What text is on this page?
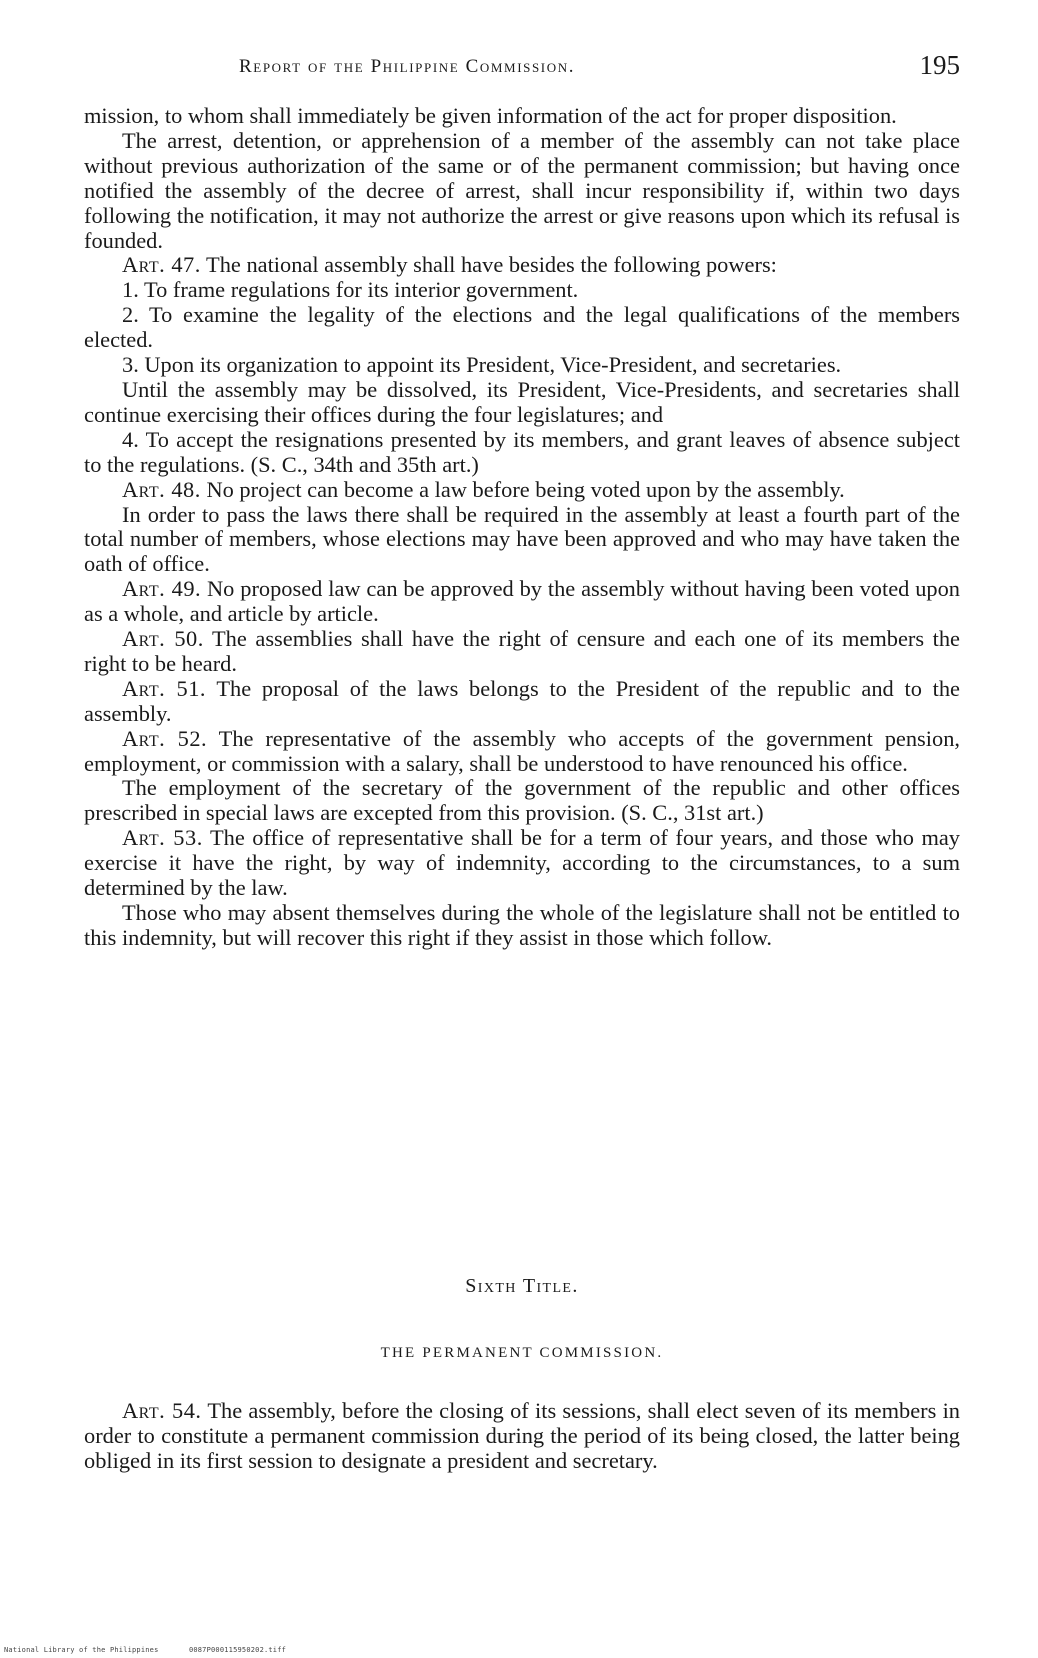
Report of the Philippine Commission.	195

mission, to whom shall immediately be given information of the act for proper disposition.

The arrest, detention, or apprehension of a member of the assembly can not take place without previous authorization of the same or of the permanent commission; but having once notified the assembly of the decree of arrest, shall incur responsibility if, within two days following the notification, it may not authorize the arrest or give reasons upon which its refusal is founded.

Art. 47. The national assembly shall have besides the following powers:

1. To frame regulations for its interior government.

2. To examine the legality of the elections and the legal qualifications of the members elected.

3. Upon its organization to appoint its President, Vice-President, and secretaries.

Until the assembly may be dissolved, its President, Vice-Presidents, and secretaries shall continue exercising their offices during the four legislatures; and

4. To accept the resignations presented by its members, and grant leaves of absence subject to the regulations. (S. C., 34th and 35th art.)

Art. 48. No project can become a law before being voted upon by the assembly.

In order to pass the laws there shall be required in the assembly at least a fourth part of the total number of members, whose elections may have been approved and who may have taken the oath of office.

Art. 49. No proposed law can be approved by the assembly without having been voted upon as a whole, and article by article.

Art. 50. The assemblies shall have the right of censure and each one of its members the right to be heard.

Art. 51. The proposal of the laws belongs to the President of the republic and to the assembly.

Art. 52. The representative of the assembly who accepts of the government pension, employment, or commission with a salary, shall be understood to have renounced his office.

The employment of the secretary of the government of the republic and other offices prescribed in special laws are excepted from this provision. (S. C., 31st art.)

Art. 53. The office of representative shall be for a term of four years, and those who may exercise it have the right, by way of indemnity, according to the circumstances, to a sum determined by the law.

Those who may absent themselves during the whole of the legislature shall not be entitled to this indemnity, but will recover this right if they assist in those which follow.

Sixth Title.
THE PERMANENT COMMISSION.

Art. 54. The assembly, before the closing of its sessions, shall elect seven of its members in order to constitute a permanent commission during the period of its being closed, the latter being obliged in its first session to designate a president and secretary.

National Library of the Philippines	0087P000115950202.tiff
